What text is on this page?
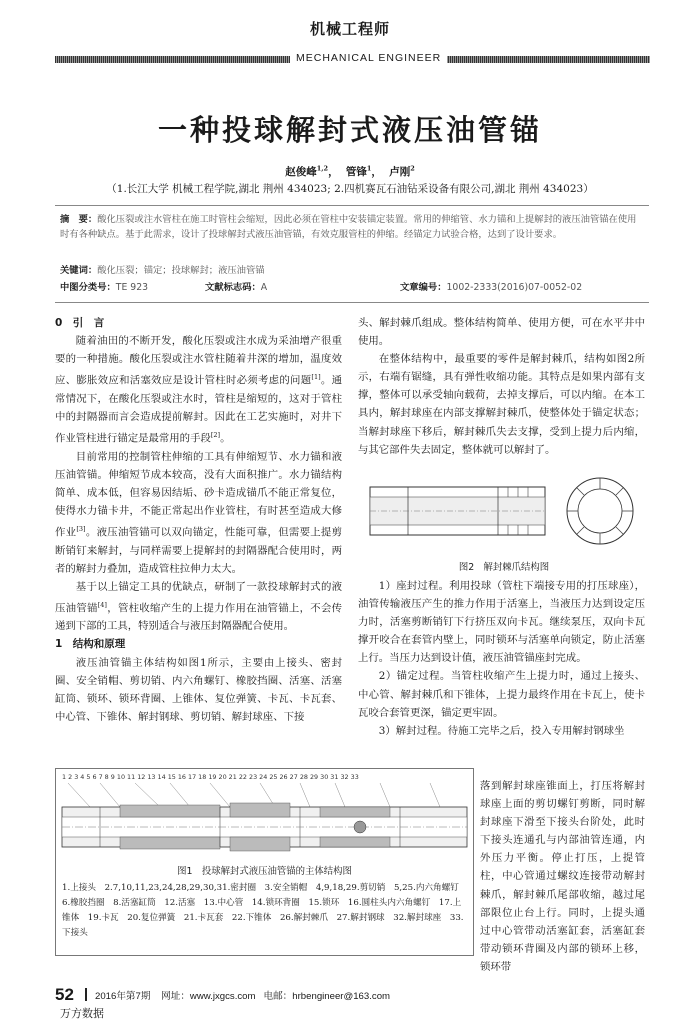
机械工程师
MECHANICAL ENGINEER
一种投球解封式液压油管锚
赵俊峰$^{1,2}$，  管锋$^1$，  卢刚$^2$
（1.长江大学 机械工程学院,湖北 荆州 434023; 2.四机赛瓦石油钻采设备有限公司,湖北 荆州 434023）
摘　要：酸化压裂或注水管柱在施工时管柱会缩短，因此必须在管柱中安装锚定装置。常用的伸缩管、水力锚和上提解封的液压油管锚在使用时有各种缺点。基于此需求，设计了投球解封式液压油管锚，有效克服管柱的伸缩。经锚定力试验合格，达到了设计要求。
关键词：酸化压裂；锚定；投球解封；液压油管锚
中图分类号：TE 923	文献标志码：A	文章编号：1002-2333(2016)07-0052-02
0　引　言

随着油田的不断开发，酸化压裂或注水成为采油增产很重要的一种措施。酸化压裂或注水管柱随着井深的增加，温度效应、膨胀效应和活塞效应是设计管柱时必须考虑的问题[1]。通常情况下，在酸化压裂或注水时，管柱是缩短的，这对于管柱中的封隔器而言会造成提前解封。因此在工艺实施时，对井下作业管柱进行锚定是最常用的手段[2]。

目前常用的控制管柱伸缩的工具有伸缩短节、水力锚和液压油管锚。伸缩短节成本较高，没有大面积推广。水力锚结构简单、成本低，但容易因结垢、砂卡造成锚爪不能正常复位，使得水力锚卡井，不能正常起出作业管柱，有时甚至造成大修作业[3]。液压油管锚可以双向锚定，性能可靠，但需要上提剪断销钉来解封，与同样需要上提解封的封隔器配合使用时，两者的解封力叠加，造成管柱拉伸力太大。

基于以上锚定工具的优缺点，研制了一款投球解封式的液压油管锚[4]，管柱收缩产生的上提力作用在油管锚上，不会传递到下部的工具，特别适合与液压封隔器配合使用。

1　结构和原理

液压油管锚主体结构如图1所示，主要由上接头、密封圈、安全销帽、剪切销、内六角螺钉、橡胶挡圈、活塞、活塞缸筒、锁环、锁环背圈、上锥体、复位弹簧、卡瓦、卡瓦套、中心管、下锥体、解封钢球、剪切销、解封球座、下接

头、解封棘爪组成。整体结构简单、使用方便，可在水平井中使用。

在整体结构中，最重要的零件是解封棘爪，结构如图2所示，右端有锯缝，具有弹性收缩功能。其特点是如果内部有支撑，整体可以承受轴向载荷，去掉支撑后，可以内缩。在本工具内，解封球座在内部支撑解封棘爪，使整体处于锚定状态；当解封球座下移后，解封棘爪失去支撑，受到上提力后内缩，与其它部件失去固定，整体就可以解封了。

图2　解封棘爪结构图

1）座封过程。利用投球（管柱下端接专用的打压球座），油管传输液压产生的推力作用于活塞上，当液压力达到设定压力时，活塞剪断销钉下行挤压双向卡瓦。继续泵压，双向卡瓦撑开咬合在套管内壁上，同时锁环与活塞单向锁定，防止活塞上行。当压力达到设计值，液压油管锚座封完成。

2）锚定过程。当管柱收缩产生上提力时，通过上接头、中心管、解封棘爪和下锥体，上提力最终作用在卡瓦上，使卡瓦咬合套管更深，锚定更牢固。

3）解封过程。待施工完毕之后，投入专用解封钢球坐

1 2 3 4 5 6 7 8 9 10 11 12 13 14 15 16 17 18 19 20 21 22 23 24 25 26 27 28 29 30 31 32 33
图1　投球解封式液压油管锚的主体结构图
1.上接头　2.7,10,11,23,24,28,29,30,31.密封圈　3.安全销帽　4,9,18,29.剪切销　5,25.内六角螺钉　6.橡胶挡圈　8.活塞缸筒　12.活塞　13.中心管　14.锁环背圈　15.锁环　16.圆柱头内六角螺钉　17.上锥体　19.卡瓦　20.复位弹簧　21.卡瓦套　22.下锥体　26.解封棘爪　27.解封钢球　32.解封球座　33.下接头

落到解封球座锥面上，打压将解封球座上面的剪切螺钉剪断，同时解封球座下滑至下接头台阶处，此时下接头连通孔与内部油管连通，内外压力平衡。停止打压，上提管柱，中心管通过螺纹连接带动解封棘爪，解封棘爪尾部收缩，越过尾部限位止台上行。同时，上提头通过中心管带动活塞缸套，活塞缸套带动锁环背圈及内部的锁环上移，锁环带

52 2016年第7期 网址：www.jxgcs.com 电邮：hrbengineer@163.com
万方数据
